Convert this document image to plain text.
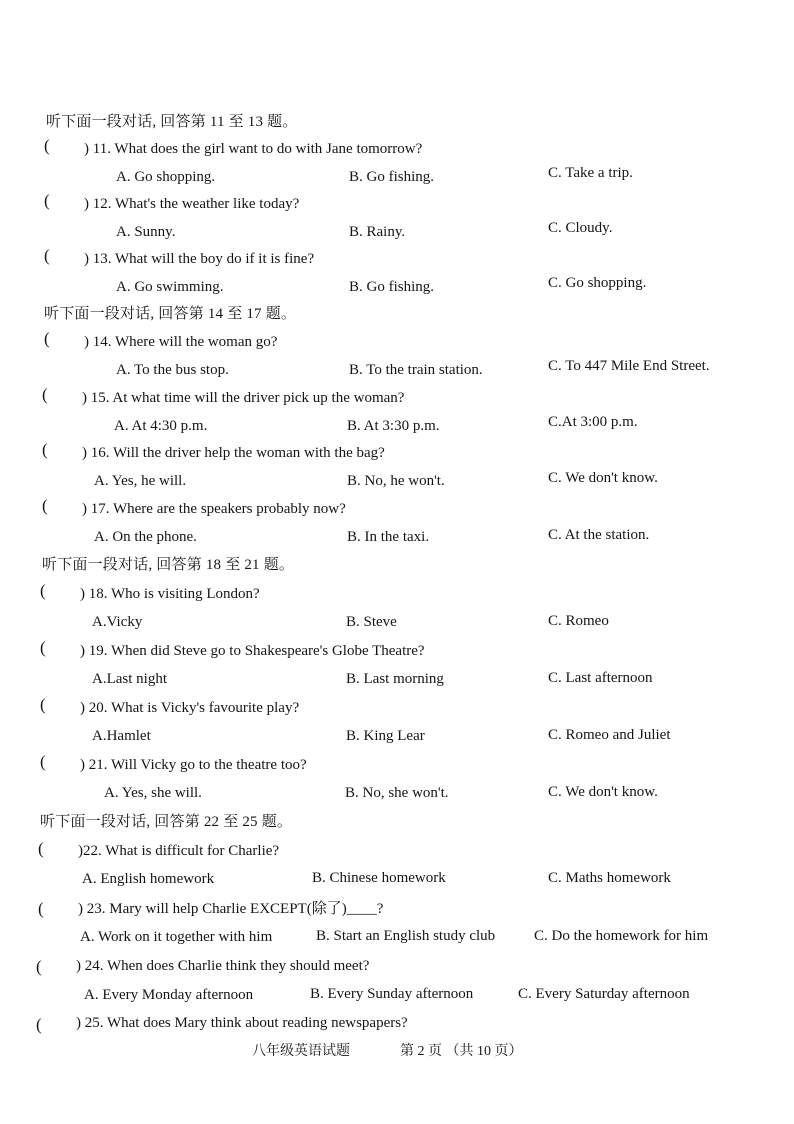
听下面一段对话, 回答第 11 至 13 题。
( ) 11. What does the girl want to do with Jane tomorrow?
A. Go shopping.	B. Go fishing.	C. Take a trip.
( ) 12. What's the weather like today?
A. Sunny.	B. Rainy.	C. Cloudy.
( ) 13. What will the boy do if it is fine?
A. Go swimming.	B. Go fishing.	C. Go shopping.
听下面一段对话, 回答第 14 至 17 题。
( ) 14. Where will the woman go?
A. To the bus stop.	B. To the train station.	C. To 447 Mile End Street.
( ) 15. At what time will the driver pick up the woman?
A. At 4:30 p.m.	B. At 3:30 p.m.	C.At 3:00 p.m.
( ) 16. Will the driver help the woman with the bag?
A. Yes, he will.	B. No, he won't.	C. We don't know.
( ) 17. Where are the speakers probably now?
A. On the phone.	B. In the taxi.	C. At the station.
听下面一段对话, 回答第 18 至 21 题。
( ) 18. Who is visiting London?
A.Vicky	B. Steve	C. Romeo
( ) 19. When did Steve go to Shakespeare's Globe Theatre?
A.Last night	B. Last morning	C. Last afternoon
( ) 20. What is Vicky's favourite play?
A.Hamlet	B. King Lear	C. Romeo and Juliet
( ) 21. Will Vicky go to the theatre too?
A. Yes, she will.	B. No, she won't.	C. We don't know.
听下面一段对话, 回答第 22 至 25 题。
( )22. What is difficult for Charlie?
A. English homework	B. Chinese homework	C. Maths homework
( ) 23. Mary will help Charlie EXCEPT(除了)____?
A. Work on it together with him	B. Start an English study club	C. Do the homework for him
( ) 24. When does Charlie think they should meet?
A. Every Monday afternoon	B. Every Sunday afternoon	C. Every Saturday afternoon
( ) 25. What does Mary think about reading newspapers?
八年级英语试题	第 2 页 （共 10 页）
